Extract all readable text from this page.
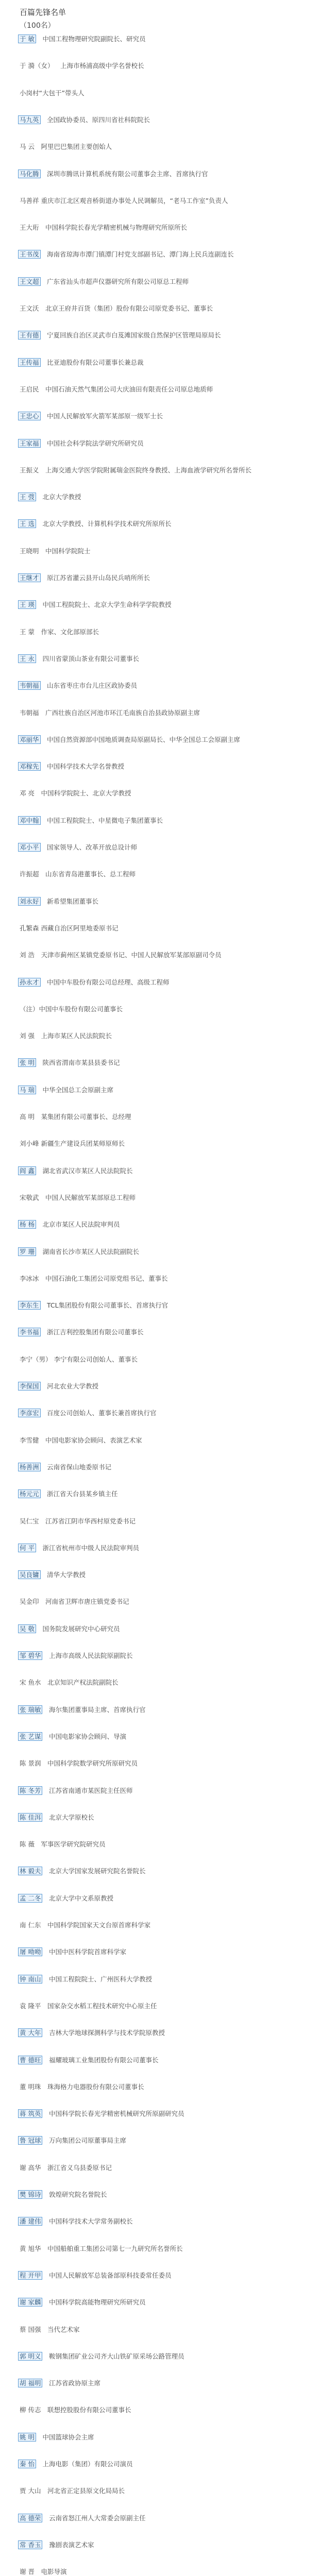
百篇先锋名单
（100名）
于 敏  中国工程物理研究院副院长、研究员
于 漪（女）  上海市杨浦高级中学名誉校长
小岗村“大包干”带头人
马九英  全国政协委员、原四川省社科院院长
马 云  阿里巴巴集团主要创始人
马化腾  深圳市腾讯计算机系统有限公司董事会主席、首席执行官
马善祥 重庆市江北区观音桥街道办事处人民调解员，“老马工作室”负责人
王大珩  中国科学院长春光学精密机械与物理研究所原所长
王书茂  海南省琼海市潭门镇潭门村党支部副书记、潭门海上民兵连副连长
王文超  广东省汕头市超声仪器研究所有限公司原总工程师
王文沃  北京王府井百货（集团）股份有限公司原党委书记、董事长
王有德  宁夏回族自治区灵武市白芨滩国家级自然保护区管理局原局长
王传福  比亚迪股份有限公司董事长兼总裁
王启民  中国石油天然气集团公司大庆油田有限责任公司原总地质师
王忠心  中国人民解放军火箭军某部原一级军士长
王家福  中国社会科学院法学研究所研究员
王振义  上海交通大学医学院附属瑞金医院终身教授、上海血液学研究所名誉所长
王 弢  北京大学教授
王 选  北京大学教授、计算机科学技术研究所原所长
王晓明  中国科学院院士
王继才  原江苏省灌云县开山岛民兵哨所所长
王 瑛  中国工程院院士、北京大学生命科学学院教授
王 蒙  作家、文化部原部长
王 永  四川省蒙顶山茶业有限公司董事长
韦朝福  山东省枣庄市台儿庄区政协委员
韦朝福  广西壮族自治区河池市环江毛南族自治县政协原副主席
邓丽华  中国自然资源部中国地质调查局原副局长、中华全国总工会原副主席
邓稼先  中国科学技术大学名誉教授
邓 亮  中国科学院院士、北京大学教授
邓中翰  中国工程院院士、中星微电子集团董事长
邓小平  国家领导人、改革开放总设计师
许振超  山东省青岛港董事长、总工程师
刘永好  新希望集团董事长
孔繁森 西藏自治区阿里地委原书记
刘 浩  天津市蓟州区某镇党委原书记、中国人民解放军某部原副司令员
孙永才  中国中车股份有限公司总经理、高级工程师
（注）中国中车股份有限公司董事长
刘 强  上海市某区人民法院院长
张 明  陕西省渭南市某县县委书记
马 瑞  中华全国总工会原副主席
高 明  某集团有限公司董事长、总经理
刘小峰 新疆生产建设兵团某师原师长
阎 鑫  湖北省武汉市某区人民法院院长
宋敬武  中国人民解放军某部原总工程师
杨 杨  北京市某区人民法院审判员
罗 珊  湖南省长沙市某区人民法院副院长
李冰冰  中国石油化工集团公司原党组书记、董事长
李东生  TCL集团股份有限公司董事长、首席执行官
李书福  浙江吉利控股集团有限公司董事长
李宁（男） 李宁有限公司创始人、董事长
李保国  河北农业大学教授
李彦宏  百度公司创始人、董事长兼首席执行官
李雪健  中国电影家协会顾问、表演艺术家
杨善洲  云南省保山地委原书记
杨元元  浙江省天台县某乡镇主任
吴仁宝  江苏省江阴市华西村原党委书记
何 平  浙江省杭州市中级人民法院审判员
吴良镛  清华大学教授
吴金印  河南省卫辉市唐庄镇党委书记
吴 敬  国务院发展研究中心研究员
邹 碧华  上海市高级人民法院原副院长
宋 鱼水  北京知识产权法院副院长
张 瑞敏  海尔集团董事局主席、首席执行官
张 艺谋  中国电影家协会顾问、导演
陈 景润  中国科学院数学研究所原研究员
陈 冬芳  江苏省南通市某医院主任医师
陈 佳洱  北京大学原校长
陈 薇  军事医学研究院研究员
林 毅夫  北京大学国家发展研究院名誉院长
孟 二冬  北京大学中文系原教授
南 仁东  中国科学院国家天文台原首席科学家
屠 呦呦  中国中医科学院首席科学家
钟 南山  中国工程院院士、广州医科大学教授
袁 隆平  国家杂交水稻工程技术研究中心原主任
黄 大年  吉林大学地球探测科学与技术学院原教授
曹 德旺  福耀玻璃工业集团股份有限公司董事长
董 明珠  珠海格力电器股份有限公司董事长
蒋 筑英  中国科学院长春光学精密机械研究所原副研究员
鲁 冠球  万向集团公司原董事局主席
谢 高华  浙江省义乌县委原书记
樊 锦诗  敦煌研究院名誉院长
潘 建伟  中国科学技术大学常务副校长
黄 旭华  中国船舶重工集团公司第七一九研究所名誉所长
程 开甲  中国人民解放军总装备部原科技委常任委员
谢 家麟  中国科学院高能物理研究所研究员
蔡 国强  当代艺术家
郭 明义  鞍钢集团矿业公司齐大山铁矿原采场公路管理员
胡 福明  江苏省政协原主席
柳 传志  联想控股股份有限公司董事长
姚 明  中国篮球协会主席
秦 怡  上海电影（集团）有限公司演员
贾 大山  河北省正定县原文化局局长
高 德荣  云南省怒江州人大常委会原副主任
常 香玉  豫剧表演艺术家
谢 晋  电影导演
